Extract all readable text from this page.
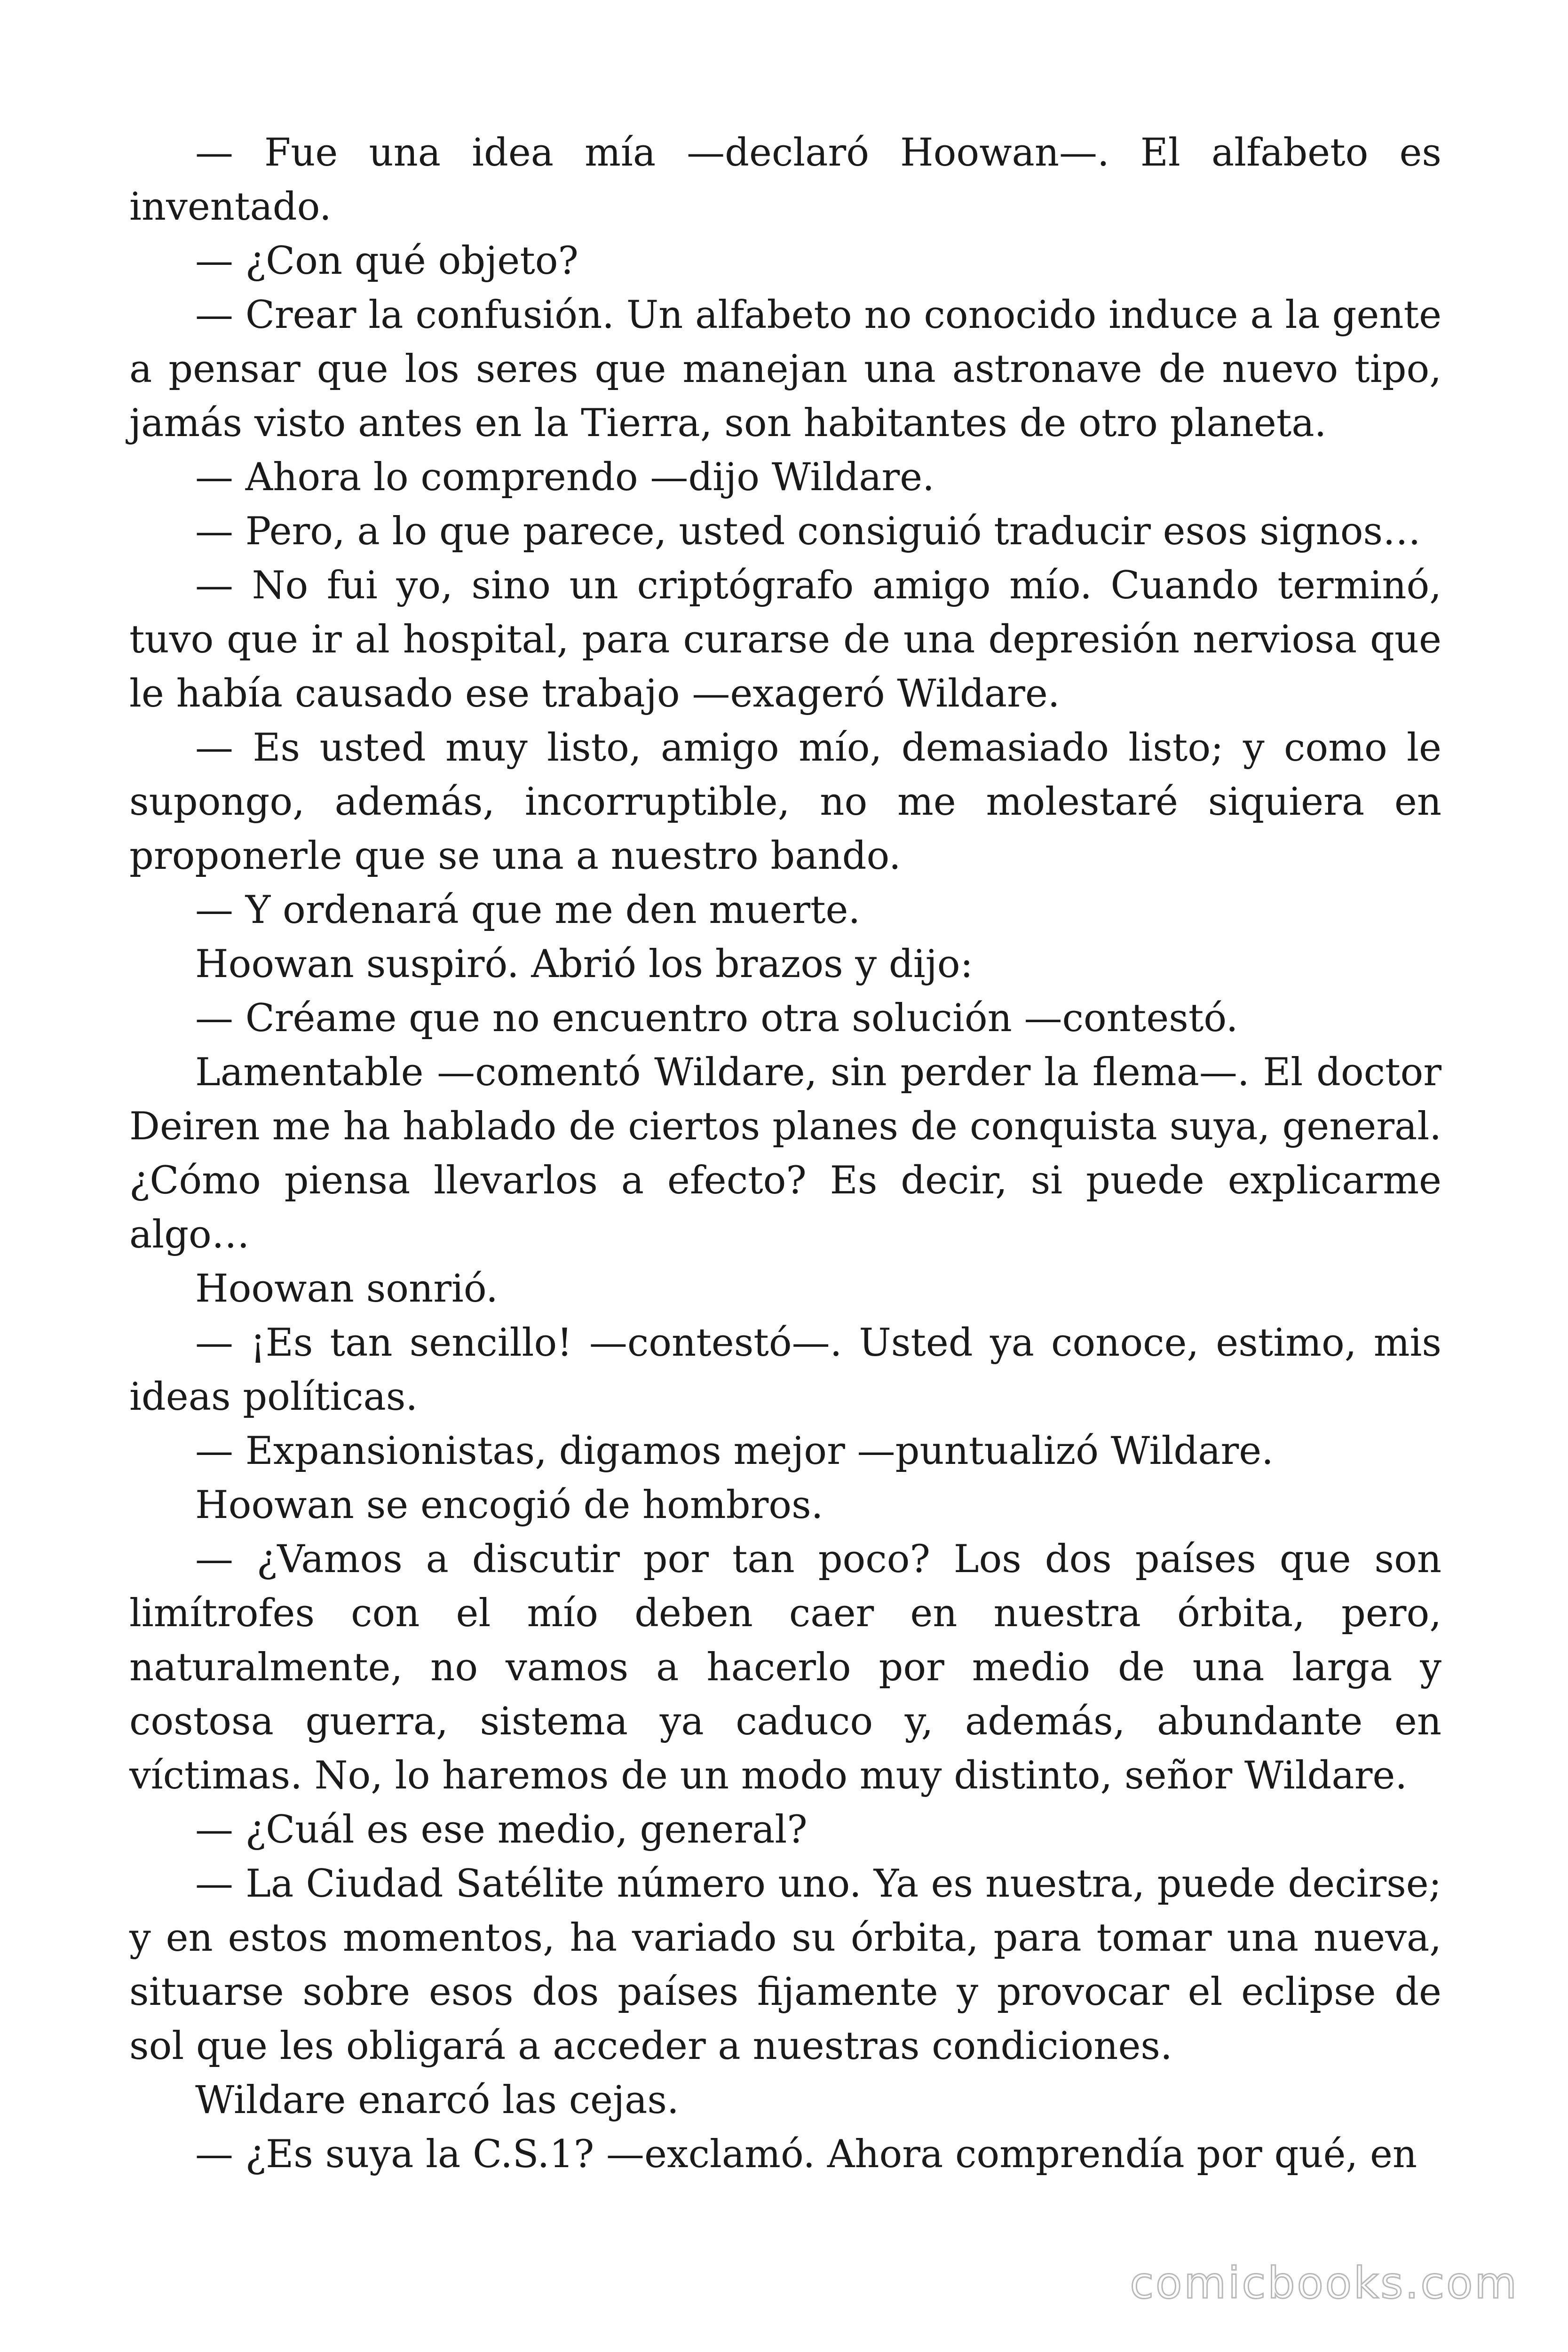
— Fue una idea mía —declaró Hoowan—. El alfabeto es inventado.

— ¿Con qué objeto?

— Crear la confusión. Un alfabeto no conocido induce a la gente a pensar que los seres que manejan una astronave de nuevo tipo, jamás visto antes en la Tierra, son habitantes de otro planeta.

— Ahora lo comprendo —dijo Wildare.

— Pero, a lo que parece, usted consiguió traducir esos signos…

— No fui yo, sino un criptógrafo amigo mío. Cuando terminó, tuvo que ir al hospital, para curarse de una depresión nerviosa que le había causado ese trabajo —exageró Wildare.

— Es usted muy listo, amigo mío, demasiado listo; y como le supongo, además, incorruptible, no me molestaré siquiera en proponerle que se una a nuestro bando.

— Y ordenará que me den muerte.

Hoowan suspiró. Abrió los brazos y dijo:

— Créame que no encuentro otra solución —contestó.

Lamentable —comentó Wildare, sin perder la flema—. El doctor Deiren me ha hablado de ciertos planes de conquista suya, general. ¿Cómo piensa llevarlos a efecto? Es decir, si puede explicarme algo…

Hoowan sonrió.

— ¡Es tan sencillo! —contestó—. Usted ya conoce, estimo, mis ideas políticas.

— Expansionistas, digamos mejor —puntualizó Wildare.

Hoowan se encogió de hombros.

— ¿Vamos a discutir por tan poco? Los dos países que son limítrofes con el mío deben caer en nuestra órbita, pero, naturalmente, no vamos a hacerlo por medio de una larga y costosa guerra, sistema ya caduco y, además, abundante en víctimas. No, lo haremos de un modo muy distinto, señor Wildare.

— ¿Cuál es ese medio, general?

— La Ciudad Satélite número uno. Ya es nuestra, puede decirse; y en estos momentos, ha variado su órbita, para tomar una nueva, situarse sobre esos dos países fijamente y provocar el eclipse de sol que les obligará a acceder a nuestras condiciones.

Wildare enarcó las cejas.

— ¿Es suya la C.S.1? —exclamó. Ahora comprendía por qué, en

comicbooks.com
